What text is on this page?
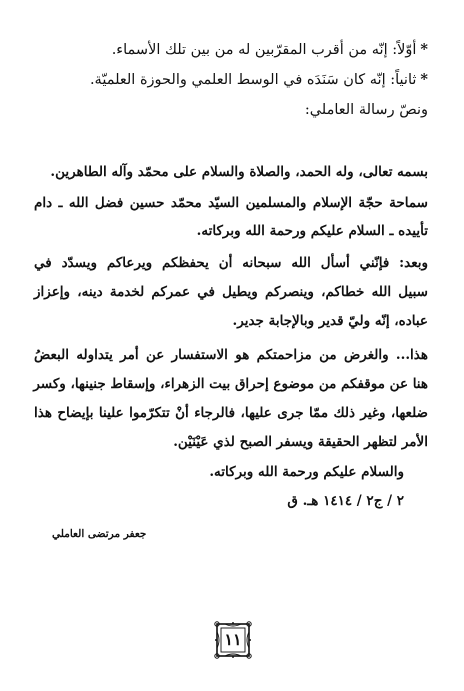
*أوّلاً: إنّه من أقرب المقرّبين له من بين تلك الأسماء.
*ثانياً: إنّه كان سَنَدَه في الوسط العلمي والحوزة العلميّة.
ونصّ رسالة العاملي:
بسمه تعالى، وله الحمد، والصلاة والسلام على محمّد وآله الطاهرين.
سماحة حجّة الإسلام والمسلمين السيّد محمّد حسين فضل الله ـ دام
تأييده ـ السلام عليكم ورحمة الله وبركاته.
وبعد: فإنّني أسأل الله سبحانه أن يحفظكم ويرعاكم ويسدّد في
سبيل الله خطاكم، وينصركم ويطيل في عمركم لخدمة دينه، وإعزاز
عباده، إنّه وليّ قدير وبالإجابة جدير.
هذا... والغرض من مزاحمتكم هو الاستفسار عن أمر يتداوله البعضُ
هنا عن موقفكم من موضوع إحراق بيت الزهراء، وإسقاط جنينها، وكسر
ضلعها، وغير ذلك ممّا جرى عليها، فالرجاء أنْ تتكرّموا علينا بإيضاح هذا
الأمر لتظهر الحقيقة ويسفر الصبح لذي عَيْنَيْن.
والسلام عليكم ورحمة الله وبركاته.
٢ / ج٢ / ١٤١٤ هـ. ق
جعفر مرتضى العاملي
١١
